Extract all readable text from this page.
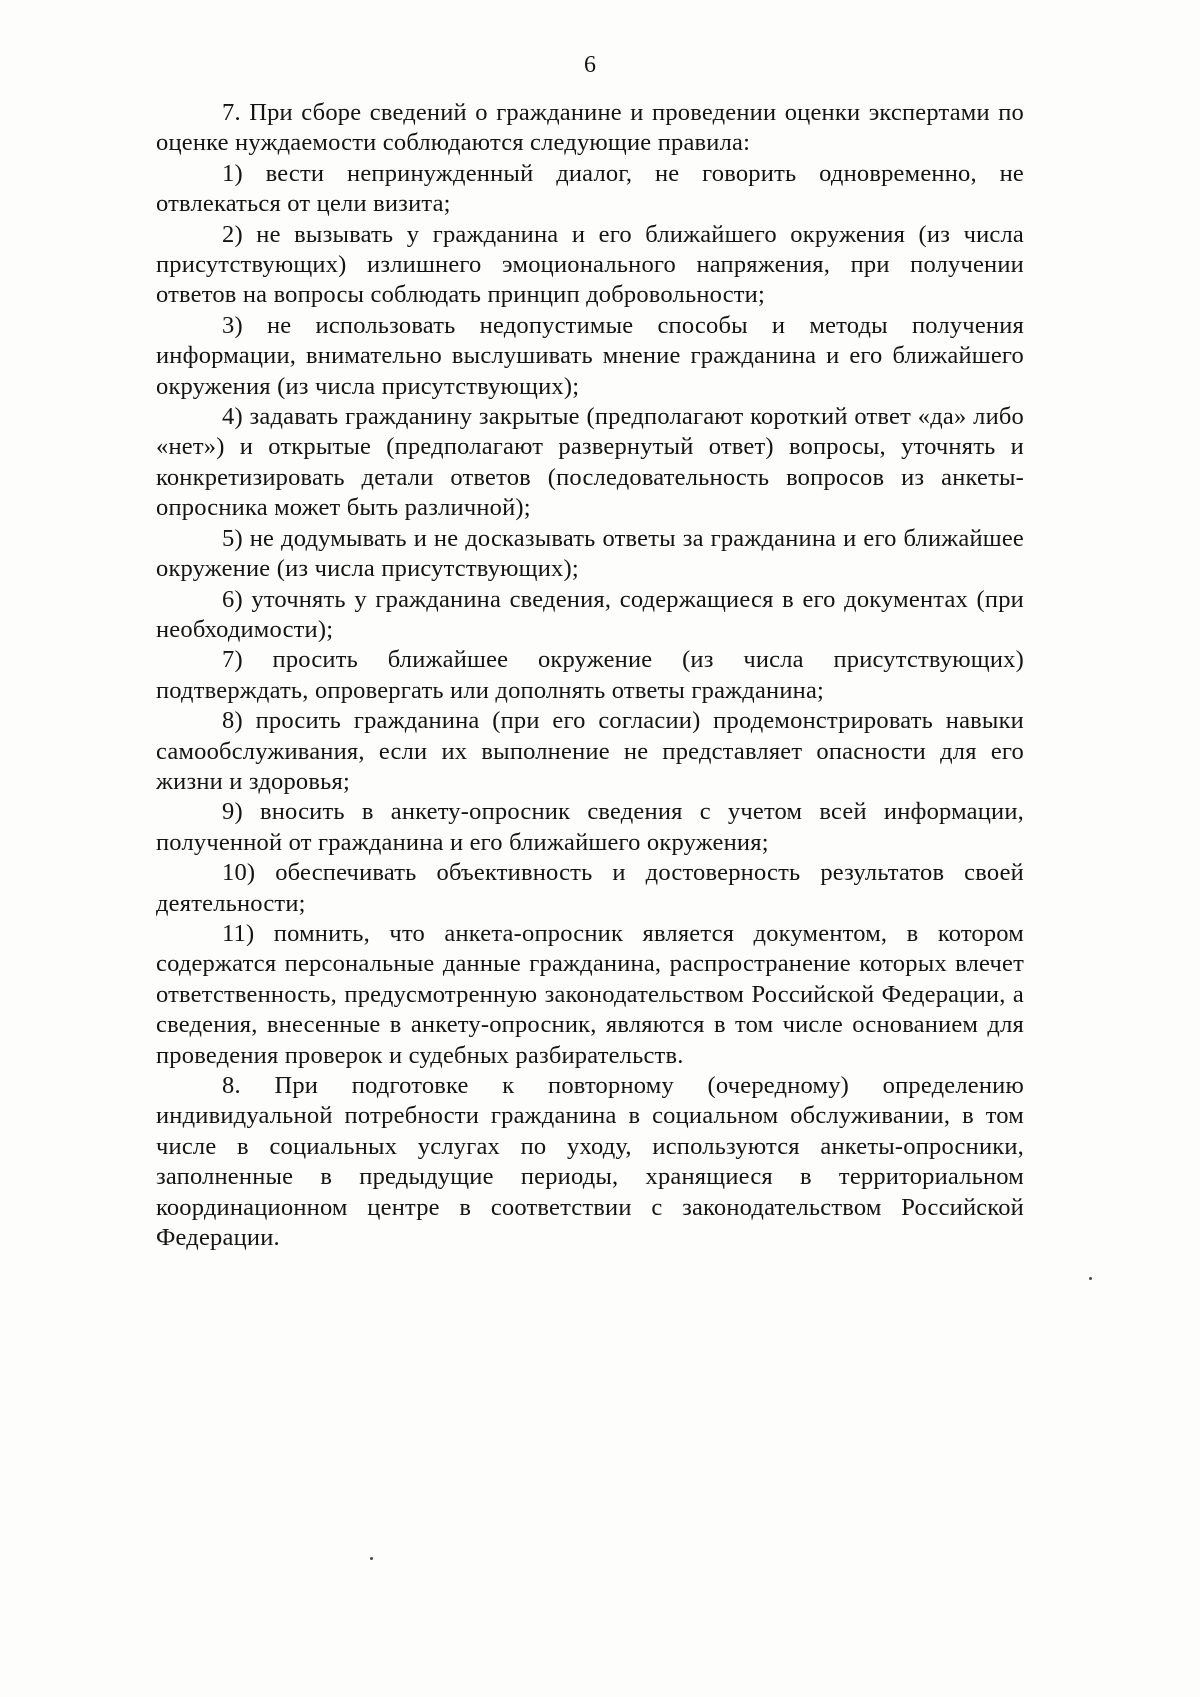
6

7. При сборе сведений о гражданине и проведении оценки экспертами по оценке нуждаемости соблюдаются следующие правила:

1) вести непринужденный диалог, не говорить одновременно, не отвлекаться от цели визита;

2) не вызывать у гражданина и его ближайшего окружения (из числа присутствующих) излишнего эмоционального напряжения, при получении ответов на вопросы соблюдать принцип добровольности;

3) не использовать недопустимые способы и методы получения информации, внимательно выслушивать мнение гражданина и его ближайшего окружения (из числа присутствующих);

4) задавать гражданину закрытые (предполагают короткий ответ «да» либо «нет») и открытые (предполагают развернутый ответ) вопросы, уточнять и конкретизировать детали ответов (последовательность вопросов из анкеты-опросника может быть различной);

5) не додумывать и не досказывать ответы за гражданина и его ближайшее окружение (из числа присутствующих);

6) уточнять у гражданина сведения, содержащиеся в его документах (при необходимости);

7) просить ближайшее окружение (из числа присутствующих) подтверждать, опровергать или дополнять ответы гражданина;

8) просить гражданина (при его согласии) продемонстрировать навыки самообслуживания, если их выполнение не представляет опасности для его жизни и здоровья;

9) вносить в анкету-опросник сведения с учетом всей информации, полученной от гражданина и его ближайшего окружения;

10) обеспечивать объективность и достоверность результатов своей деятельности;

11) помнить, что анкета-опросник является документом, в котором содержатся персональные данные гражданина, распространение которых влечет ответственность, предусмотренную законодательством Российской Федерации, а сведения, внесенные в анкету-опросник, являются в том числе основанием для проведения проверок и судебных разбирательств.

8. При подготовке к повторному (очередному) определению индивидуальной потребности гражданина в социальном обслуживании, в том числе в социальных услугах по уходу, используются анкеты-опросники, заполненные в предыдущие периоды, хранящиеся в территориальном координационном центре в соответствии с законодательством Российской Федерации.
